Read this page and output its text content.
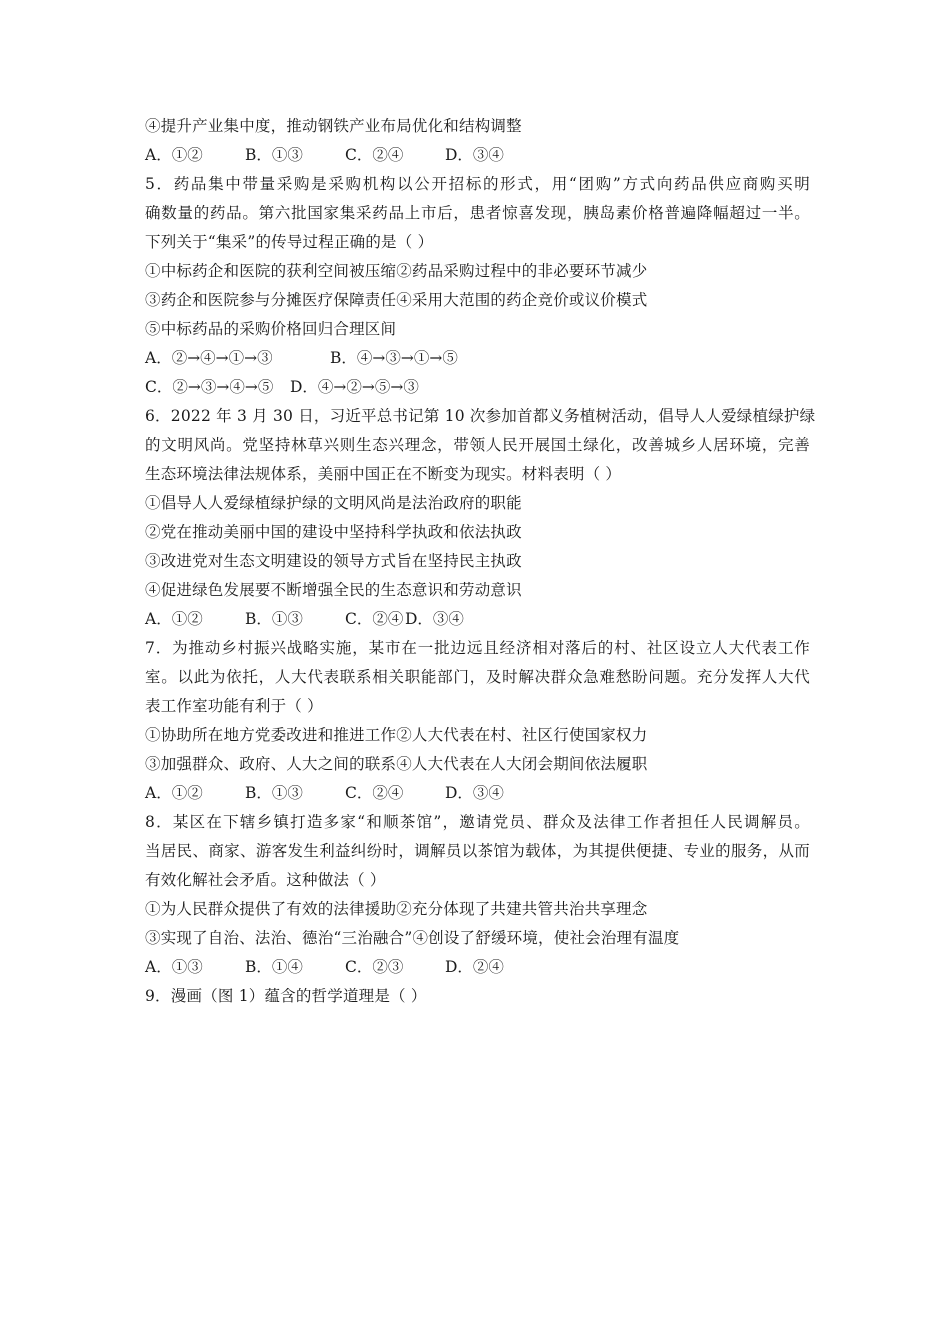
④提升产业集中度，推动钢铁产业布局优化和结构调整
A．①②	B．①③	C．②④	D．③④
5．药品集中带量采购是采购机构以公开招标的形式，用“团购”方式向药品供应商购买明
确数量的药品。第六批国家集采药品上市后，患者惊喜发现，胰岛素价格普遍降幅超过一半。
下列关于“集采”的传导过程正确的是（ ）
①中标药企和医院的获利空间被压缩②药品采购过程中的非必要环节减少
③药企和医院参与分摊医疗保障责任④采用大范围的药企竞价或议价模式
⑤中标药品的采购价格回归合理区间
A．②→④→①→③	B．④→③→①→⑤
C．②→③→④→⑤	D．④→②→⑤→③
6．2022 年 3 月 30 日，习近平总书记第 10 次参加首都义务植树活动，倡导人人爱绿植绿护绿
的文明风尚。党坚持林草兴则生态兴理念，带领人民开展国土绿化，改善城乡人居环境，完善
生态环境法律法规体系，美丽中国正在不断变为现实。材料表明（ ）
①倡导人人爱绿植绿护绿的文明风尚是法治政府的职能
②党在推动美丽中国的建设中坚持科学执政和依法执政
③改进党对生态文明建设的领导方式旨在坚持民主执政
④促进绿色发展要不断增强全民的生态意识和劳动意识
A．①②	B．①③	C．②④ D．③④
7．为推动乡村振兴战略实施，某市在一批边远且经济相对落后的村、社区设立人大代表工作
室。以此为依托，人大代表联系相关职能部门，及时解决群众急难愁盼问题。充分发挥人大代
表工作室功能有利于（ ）
①协助所在地方党委改进和推进工作②人大代表在村、社区行使国家权力
③加强群众、政府、人大之间的联系④人大代表在人大闭会期间依法履职
A．①②	B．①③	C．②④	D．③④
8．某区在下辖乡镇打造多家“和顺茶馆”，邀请党员、群众及法律工作者担任人民调解员。
当居民、商家、游客发生利益纠纷时，调解员以茶馆为载体，为其提供便捷、专业的服务，从而
有效化解社会矛盾。这种做法（ ）
①为人民群众提供了有效的法律援助②充分体现了共建共管共治共享理念
③实现了自治、法治、德治“三治融合”④创设了舒缓环境，使社会治理有温度
A．①③	B．①④	C．②③	D．②④
9．漫画（图 1）蕴含的哲学道理是（ ）
